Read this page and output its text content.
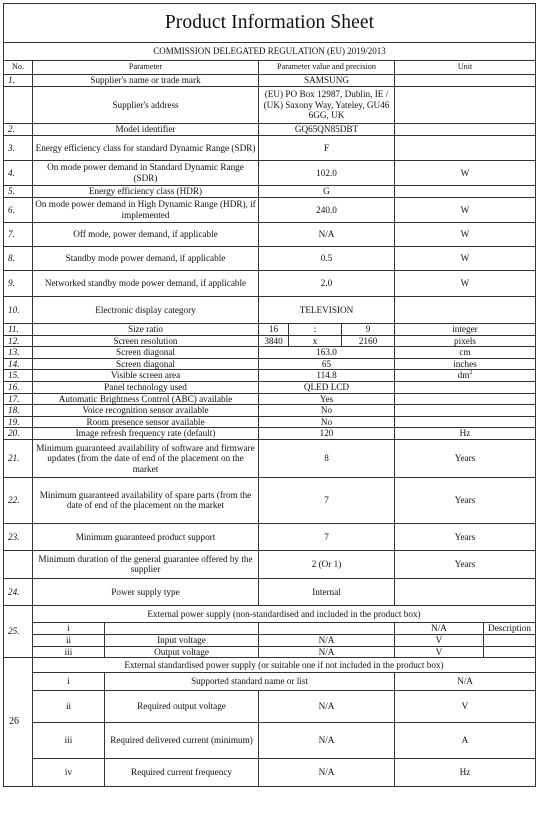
Product Information Sheet							
COMMISSION DELEGATED REGULATION (EU) 2019/2013							
No.	Parameter		Parameter value and precision			Unit	
1.	Supplier's name or trade mark		SAMSUNG				
	Supplier's address		(EU) PO Box 12987, Dublin, IE / (UK) Saxony Way, Yateley, GU46 6GG, UK				
2.	Model identifier		GQ65QN85DBT				
3.	Energy efficiency class for standard Dynamic Range (SDR)		F				
4.	On mode power demand in Standard Dynamic Range (SDR)		102.0			W	
5.	Energy efficiency class (HDR)		G				
6.	On mode power demand in High Dynamic Range (HDR), if implemented		240.0			W	
7.	Off mode, power demand, if applicable		N/A			W	
8.	Standby mode power demand, if applicable		0.5			W	
9.	Networked standby mode power demand, if applicable		2.0			W	
10.	Electronic display category		TELEVISION				
11.	Size ratio		16	:	9	integer	
12.	Screen resolution		3840	x	2160	pixels	
13.	Screen diagonal		163.0			cm	
14.	Screen diagonal		65			inches	
15.	Visible screen area		114.8			$dm^2$
16.	Panel technology used		QLED LCD				
17.	Automatic Brightness Control (ABC) available		Yes				
18.	Voice recognition sensor available		No				
19.	Room presence sensor available		No				
20.	Image refresh frequency rate (default)		120			Hz	
21.	Minimum guaranteed availability of software and firmware updates (from the date of end of the placement on the market		8			Years	
22.	Minimum guaranteed availability of spare parts (from the date of end of the placement on the market		7			Years	
23.	Minimum guaranteed product support		7			Years	
	Minimum duration of the general guarantee offered by the supplier		2 (Or 1)			Years	
24.	Power supply type		Internal				
25.	External power supply (non-standardised and included in the product box)						
	i					N/A	Description
	ii	Input voltage	N/A			V	
	iii	Output voltage	N/A			V	
26	External standardised power supply (or suitable one if not included in the product box)						
	i	Supported standard name or list				N/A	
	ii	Required output voltage	N/A			V	
	iii	Required delivered current (minimum)	N/A			A	
	iv	Required current frequency	N/A			Hz	
